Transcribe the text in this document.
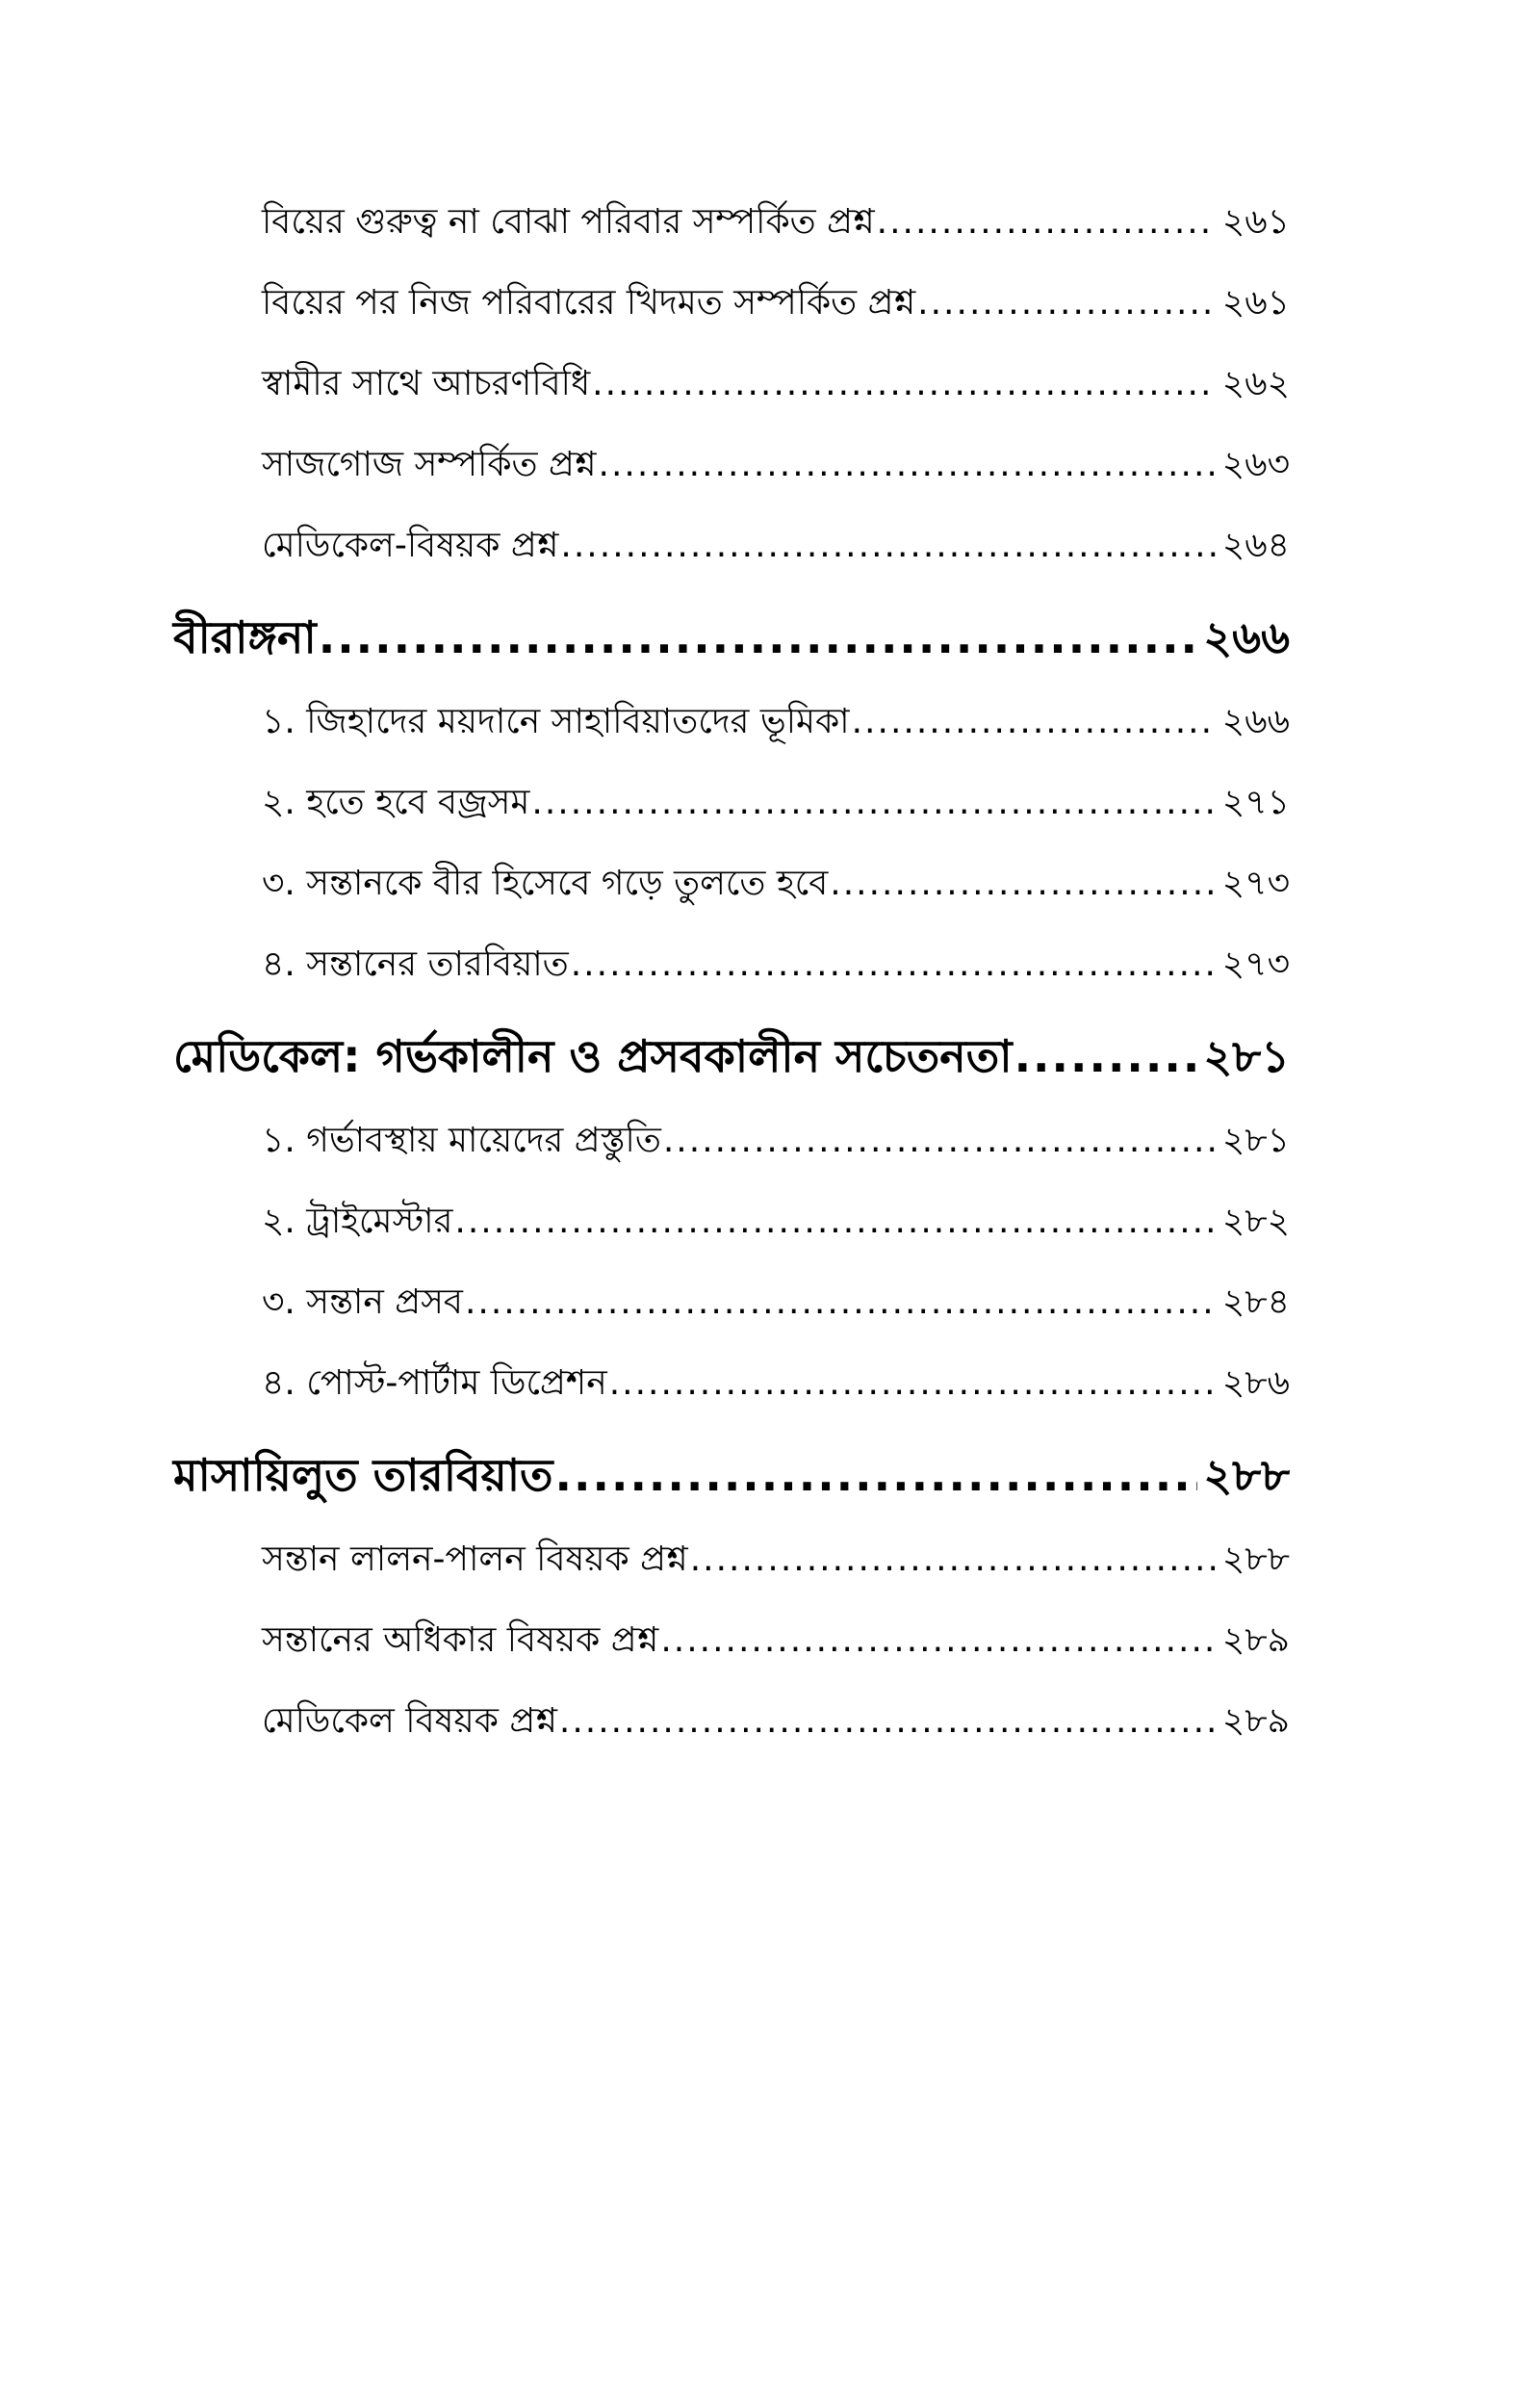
বিয়ের গুরুত্ব না বোঝা পরিবার সম্পর্কিত প্রশ্ন .....	২৬১
বিয়ের পর নিজ পরিবারের খিদমত সম্পর্কিত প্রশ্ন .....	২৬১
স্বামীর সাথে আচরণবিধি .....	২৬২
সাজগোজ সম্পর্কিত প্রশ্ন .....	২৬৩
মেডিকেল-বিষয়ক প্রশ্ন .....	২৬৪
বীরাঙ্গনা .....	২৬৬
১. জিহাদের ময়দানে সাহাবিয়াতদের ভূমিকা .....	২৬৬
২. হতে হবে বজ্রসম .....	২৭১
৩. সন্তানকে বীর হিসেবে গড়ে তুলতে হবে .....	২৭৩
৪. সন্তানের তারবিয়াত .....	২৭৩
মেডিকেল: গর্ভকালীন ও প্রসবকালীন সচেতনতা .....	২৮১
১. গর্ভাবস্থায় মায়েদের প্রস্তুতি .....	২৮১
২. ট্রাইমেস্টার .....	২৮২
৩. সন্তান প্রসব .....	২৮৪
৪. পোস্ট-পার্টাম ডিপ্রেশন .....	২৮৬
মাসায়িলুত তারবিয়াত .....	২৮৮
সন্তান লালন-পালন বিষয়ক প্রশ্ন .....	২৮৮
সন্তানের অধিকার বিষয়ক প্রশ্ন .....	২৮৯
মেডিকেল বিষয়ক প্রশ্ন .....	২৮৯
